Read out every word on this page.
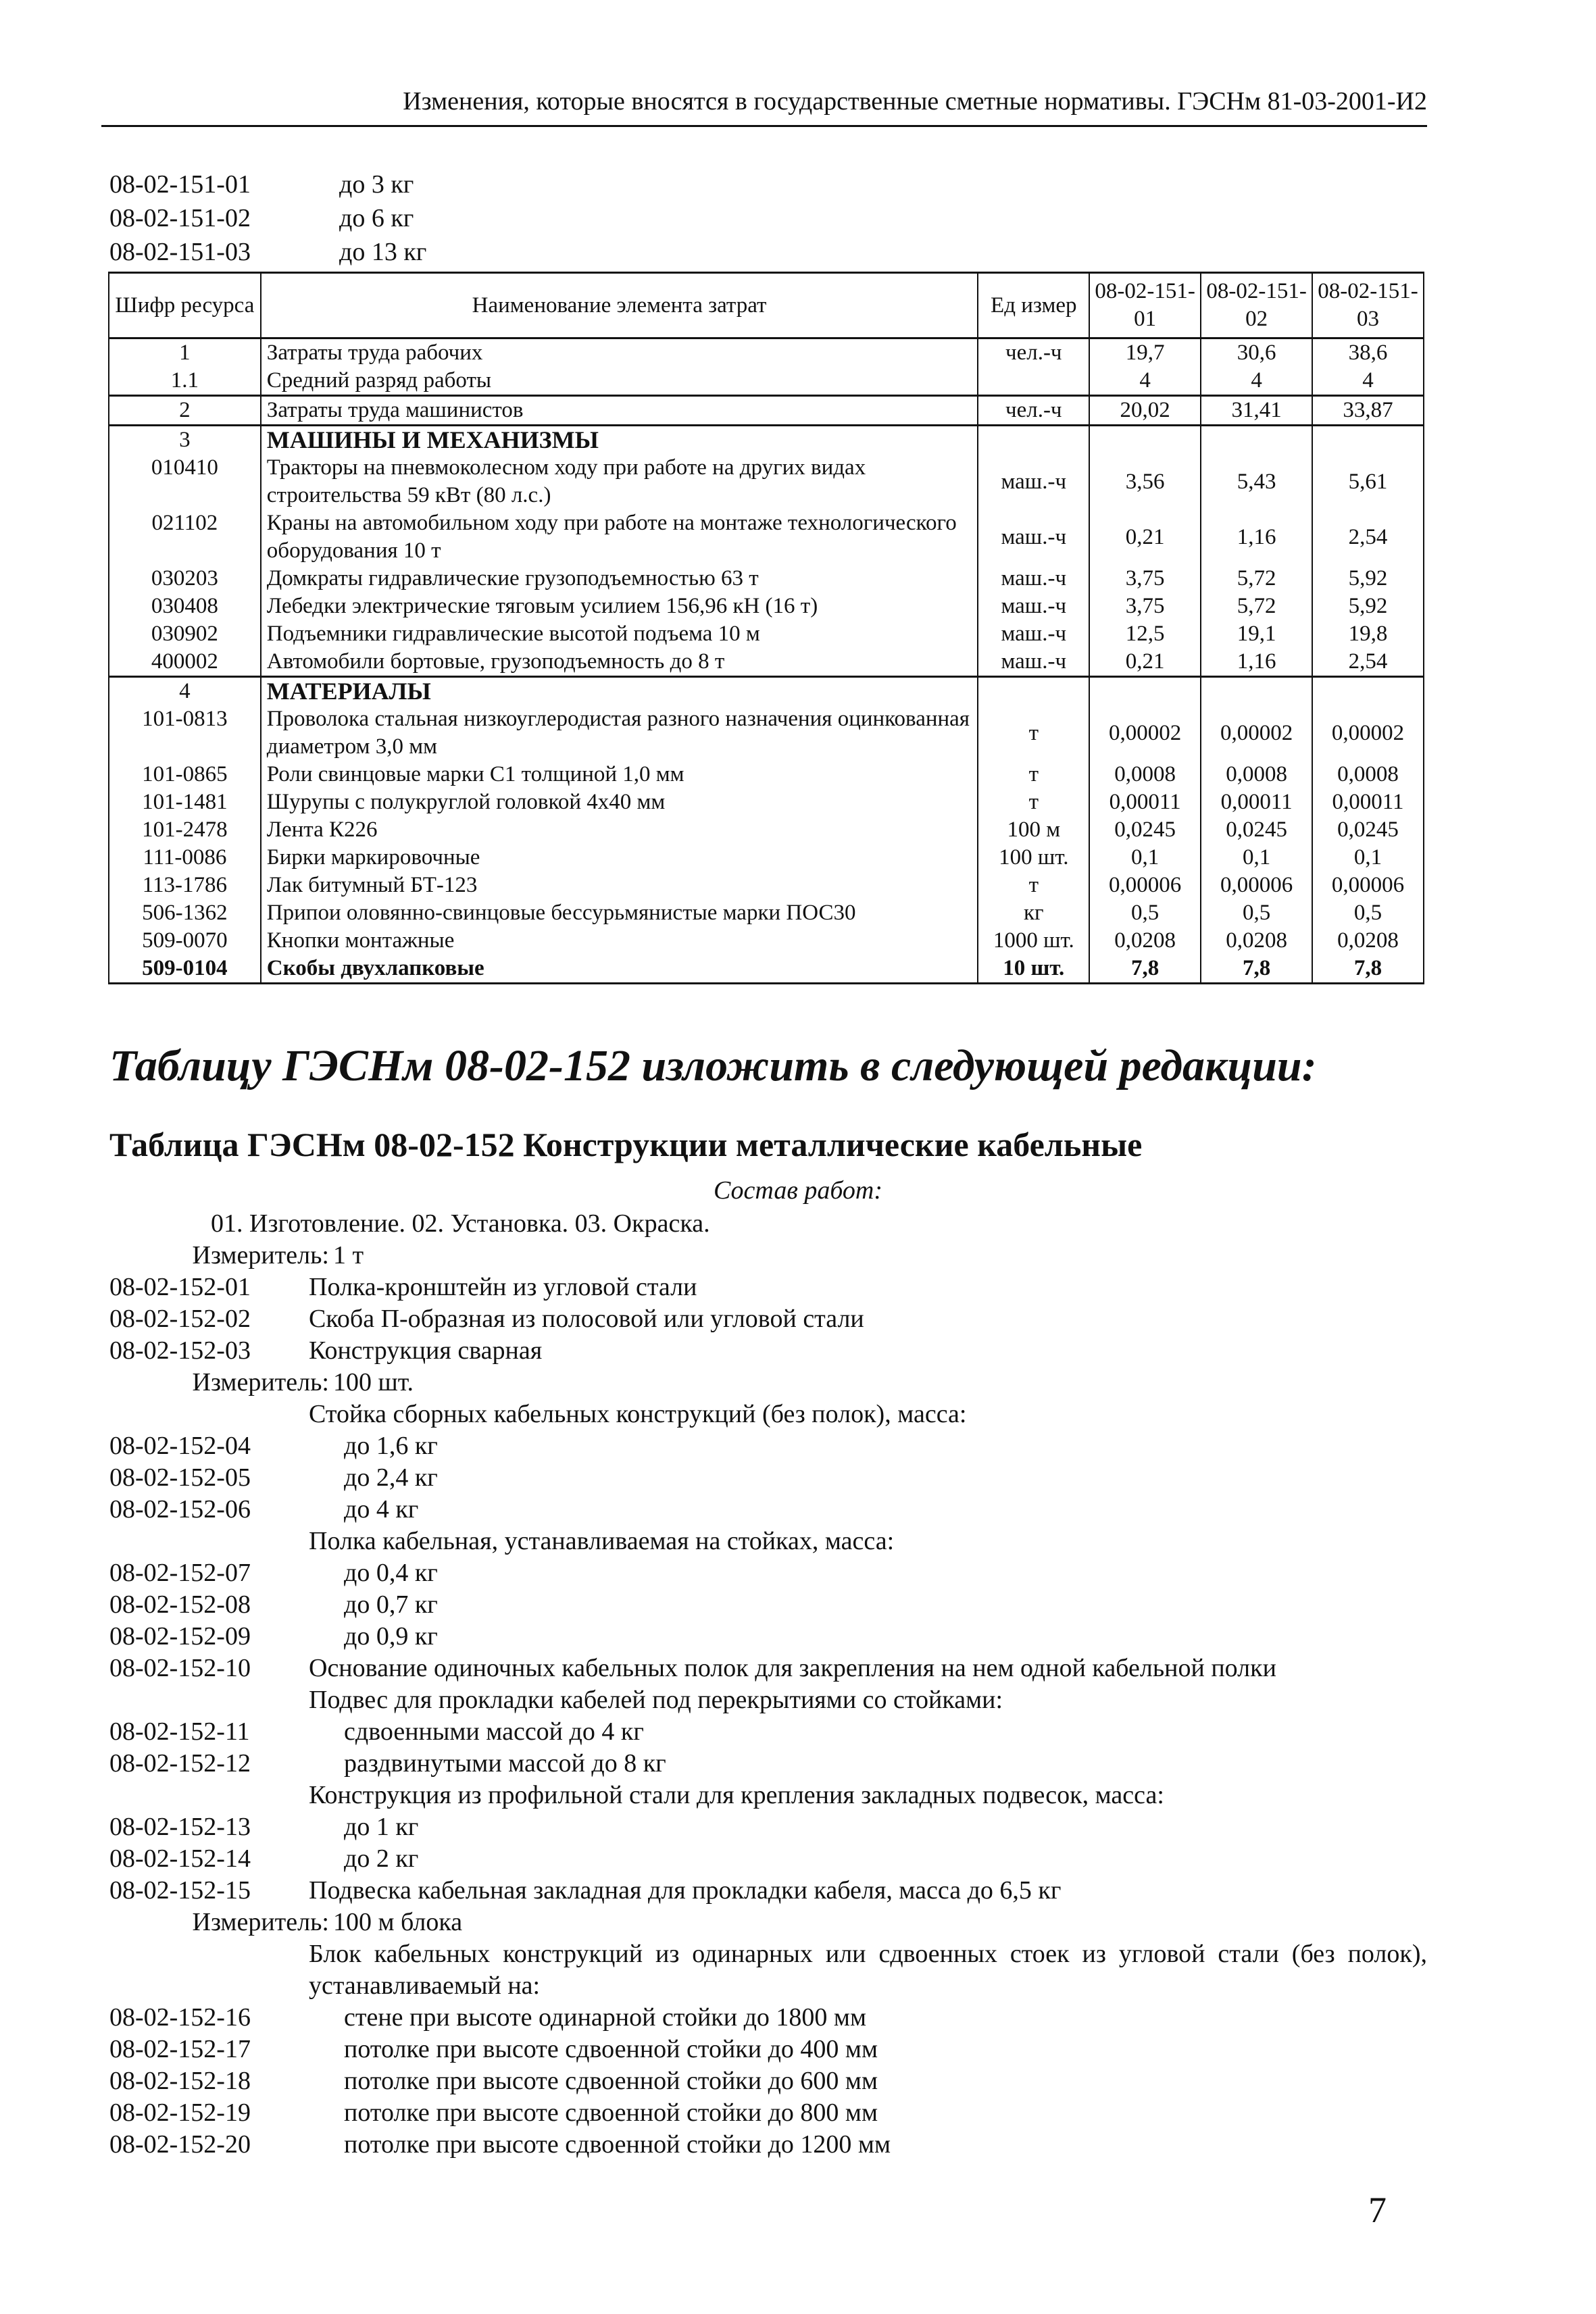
Изменения, которые вносятся в государственные сметные нормативы. ГЭСНм 81-03-2001-И2
08-02-151-01	до 3 кг
08-02-151-02	до 6 кг
08-02-151-03	до 13 кг
Шифр ресурса	Наименование элемента затрат	Ед измер	08-02-151-01	08-02-151-02	08-02-151-03
1	Затраты труда рабочих	чел.-ч	19,7	30,6	38,6
1.1	Средний разряд работы		4	4	4
2	Затраты труда машинистов	чел.-ч	20,02	31,41	33,87
3	МАШИНЫ И МЕХАНИЗМЫ				
010410	Тракторы на пневмоколесном ходу при работе на других видах строительства 59 кВт (80 л.с.)	маш.-ч	3,56	5,43	5,61
021102	Краны на автомобильном ходу при работе на монтаже технологического оборудования 10 т	маш.-ч	0,21	1,16	2,54
030203	Домкраты гидравлические грузоподъемностью 63 т	маш.-ч	3,75	5,72	5,92
030408	Лебедки электрические тяговым усилием 156,96 кН (16 т)	маш.-ч	3,75	5,72	5,92
030902	Подъемники гидравлические высотой подъема 10 м	маш.-ч	12,5	19,1	19,8
400002	Автомобили бортовые, грузоподъемность до 8 т	маш.-ч	0,21	1,16	2,54
4	МАТЕРИАЛЫ				
101-0813	Проволока стальная низкоуглеродистая разного назначения оцинкованная диаметром 3,0 мм	т	0,00002	0,00002	0,00002
101-0865	Роли свинцовые марки С1 толщиной 1,0 мм	т	0,0008	0,0008	0,0008
101-1481	Шурупы с полукруглой головкой 4х40 мм	т	0,00011	0,00011	0,00011
101-2478	Лента К226	100 м	0,0245	0,0245	0,0245
111-0086	Бирки маркировочные	100 шт.	0,1	0,1	0,1
113-1786	Лак битумный БТ-123	т	0,00006	0,00006	0,00006
506-1362	Припои оловянно-свинцовые бессурьмянистые марки ПОС30	кг	0,5	0,5	0,5
509-0070	Кнопки монтажные	1000 шт.	0,0208	0,0208	0,0208
509-0104	Скобы двухлапковые	10 шт.	7,8	7,8	7,8
Таблицу ГЭСНм 08-02-152 изложить в следующей редакции:
Таблица ГЭСНм 08-02-152 Конструкции металлические кабельные
Состав работ:
01. Изготовление. 02. Установка. 03. Окраска.
Измеритель: 1 т
08-02-152-01	Полка-кронштейн из угловой стали
08-02-152-02	Скоба П-образная из полосовой или угловой стали
08-02-152-03	Конструкция сварная
Измеритель: 100 шт.
Стойка сборных кабельных конструкций (без полок), масса:
08-02-152-04	до 1,6 кг
08-02-152-05	до 2,4 кг
08-02-152-06	до 4 кг
Полка кабельная, устанавливаемая на стойках, масса:
08-02-152-07	до 0,4 кг
08-02-152-08	до 0,7 кг
08-02-152-09	до 0,9 кг
08-02-152-10	Основание одиночных кабельных полок для закрепления на нем одной кабельной полки
Подвес для прокладки кабелей под перекрытиями со стойками:
08-02-152-11	сдвоенными массой до 4 кг
08-02-152-12	раздвинутыми массой до 8 кг
Конструкция из профильной стали для крепления закладных подвесок, масса:
08-02-152-13	до 1 кг
08-02-152-14	до 2 кг
08-02-152-15	Подвеска кабельная закладная для прокладки кабеля, масса до 6,5 кг
Измеритель: 100 м блока
Блок кабельных конструкций из одинарных или сдвоенных стоек из угловой стали (без полок), устанавливаемый на:
08-02-152-16	стене при высоте одинарной стойки до 1800 мм
08-02-152-17	потолке при высоте сдвоенной стойки до 400 мм
08-02-152-18	потолке при высоте сдвоенной стойки до 600 мм
08-02-152-19	потолке при высоте сдвоенной стойки до 800 мм
08-02-152-20	потолке при высоте сдвоенной стойки до 1200 мм
7
